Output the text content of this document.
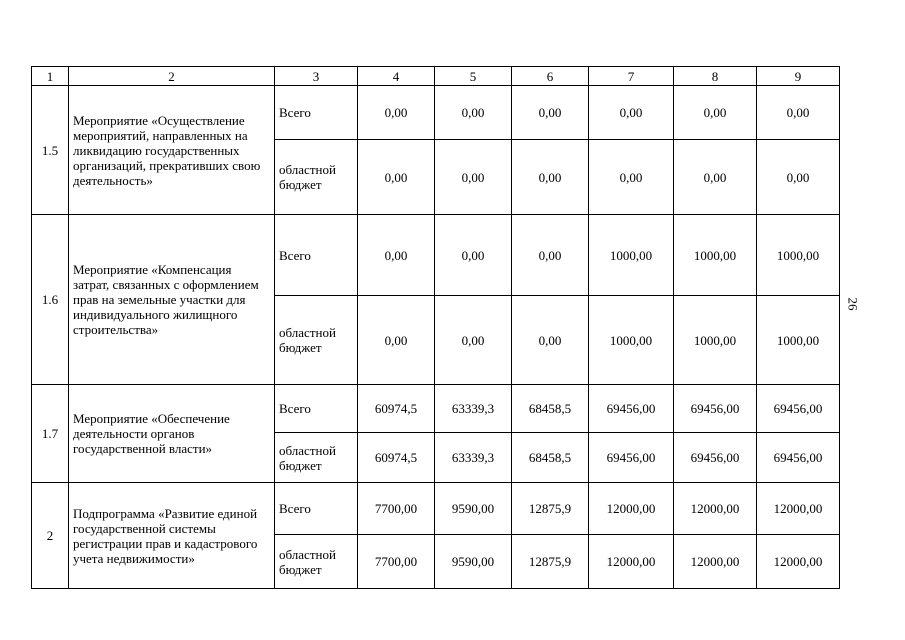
1	2	3	4	5	6	7	8	9
1.5	Мероприятие «Осуществление мероприятий, направленных на ликвидацию государственных организаций, прекративших свою деятельность»	Всего	0,00	0,00	0,00	0,00	0,00	0,00
		областной бюджет	0,00	0,00	0,00	0,00	0,00	0,00
1.6	Мероприятие «Компенсация затрат, связанных с оформлением прав на земельные участки для индивидуального жилищного строительства»	Всего	0,00	0,00	0,00	1000,00	1000,00	1000,00
		областной бюджет	0,00	0,00	0,00	1000,00	1000,00	1000,00
1.7	Мероприятие «Обеспечение деятельности органов государственной власти»	Всего	60974,5	63339,3	68458,5	69456,00	69456,00	69456,00
		областной бюджет	60974,5	63339,3	68458,5	69456,00	69456,00	69456,00
2	Подпрограмма «Развитие единой государственной системы регистрации прав и кадастрового учета недвижимости»	Всего	7700,00	9590,00	12875,9	12000,00	12000,00	12000,00
		областной бюджет	7700,00	9590,00	12875,9	12000,00	12000,00	12000,00
26
